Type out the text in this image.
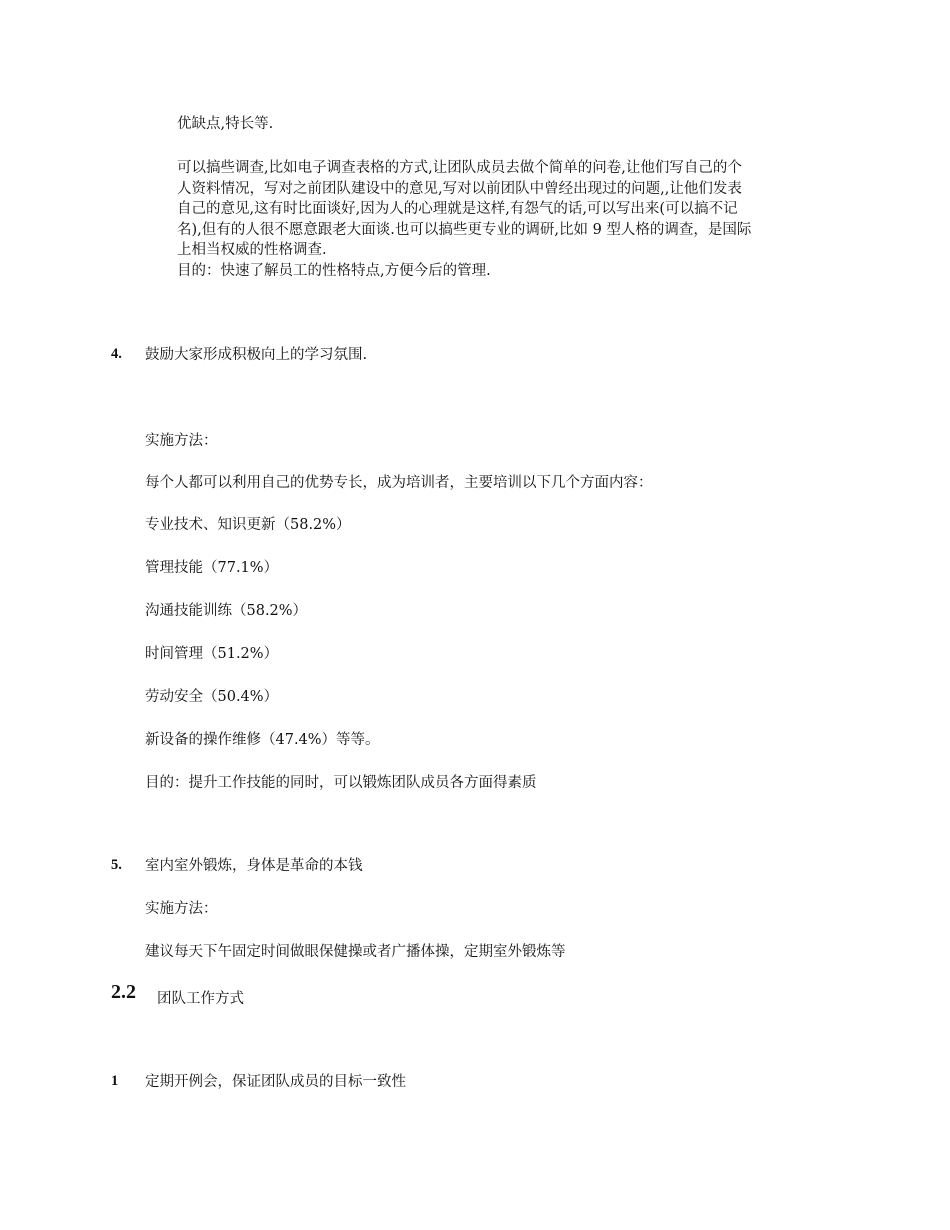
优缺点,特长等.
可以搞些调查,比如电子调查表格的方式,让团队成员去做个简单的问卷,让他们写自己的个
人资料情况，写对之前团队建设中的意见,写对以前团队中曾经出现过的问题,,让他们发表
自己的意见,这有时比面谈好,因为人的心理就是这样,有怨气的话,可以写出来(可以搞不记
名),但有的人很不愿意跟老大面谈.也可以搞些更专业的调研,比如 9 型人格的调查，是国际
上相当权威的性格调查.
目的：快速了解员工的性格特点,方便今后的管理.
4. 鼓励大家形成积极向上的学习氛围.
实施方法：
每个人都可以利用自己的优势专长，成为培训者，主要培训以下几个方面内容：
专业技术、知识更新（58.2%）
管理技能（77.1%）
沟通技能训练（58.2%）
时间管理（51.2%）
劳动安全（50.4%）
新设备的操作维修（47.4%）等等。
目的：提升工作技能的同时，可以锻炼团队成员各方面得素质
5. 室内室外锻炼，身体是革命的本钱
实施方法：
建议每天下午固定时间做眼保健操或者广播体操，定期室外锻炼等
2.2 团队工作方式
1 定期开例会，保证团队成员的目标一致性
